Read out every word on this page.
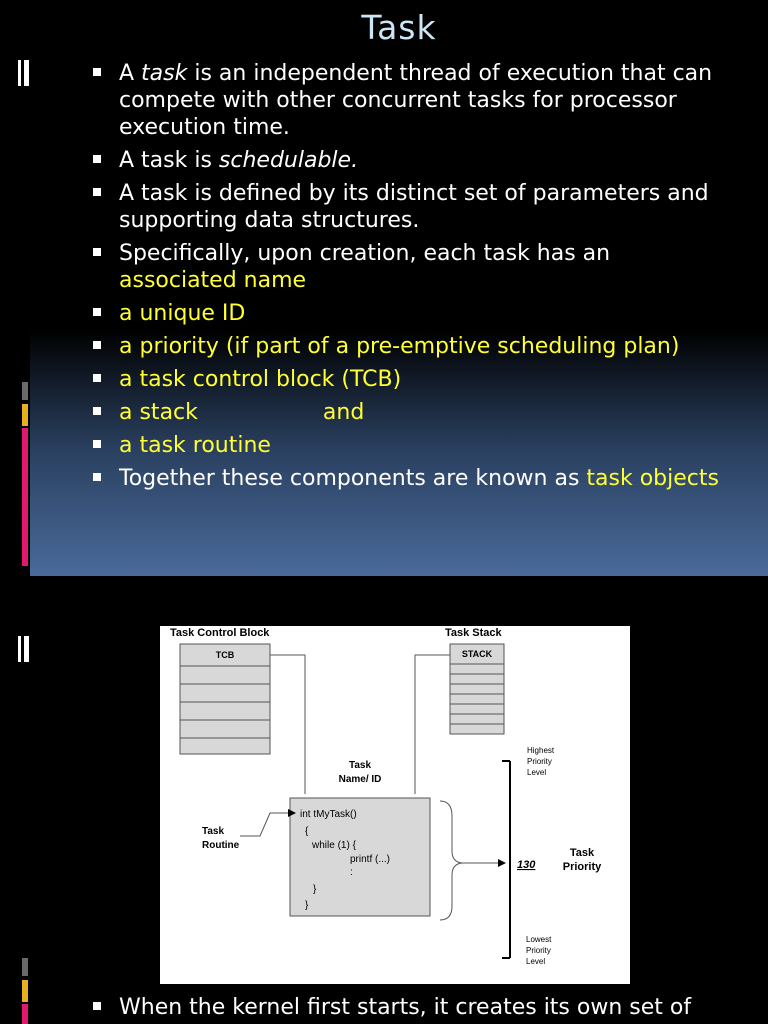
Task
A task is an independent thread of execution that can compete with other concurrent tasks for processor execution time.
A task is schedulable.
A task is defined by its distinct set of parameters and supporting data structures.
Specifically, upon creation, each task has an associated name
a unique ID
a priority (if part of a pre-emptive scheduling plan)
a task control block (TCB)
a stack	and
a task routine
Together these components are known as task objects
Task Control Block
TCB
Task Stack
STACK
Task
Name/ ID
int tMyTask()
{
while (1) {
printf (...)
:
}
}
Task
Routine
Highest
Priority
Level
Lowest
Priority
Level
130
Task
Priority
When the kernel first starts, it creates its own set of
